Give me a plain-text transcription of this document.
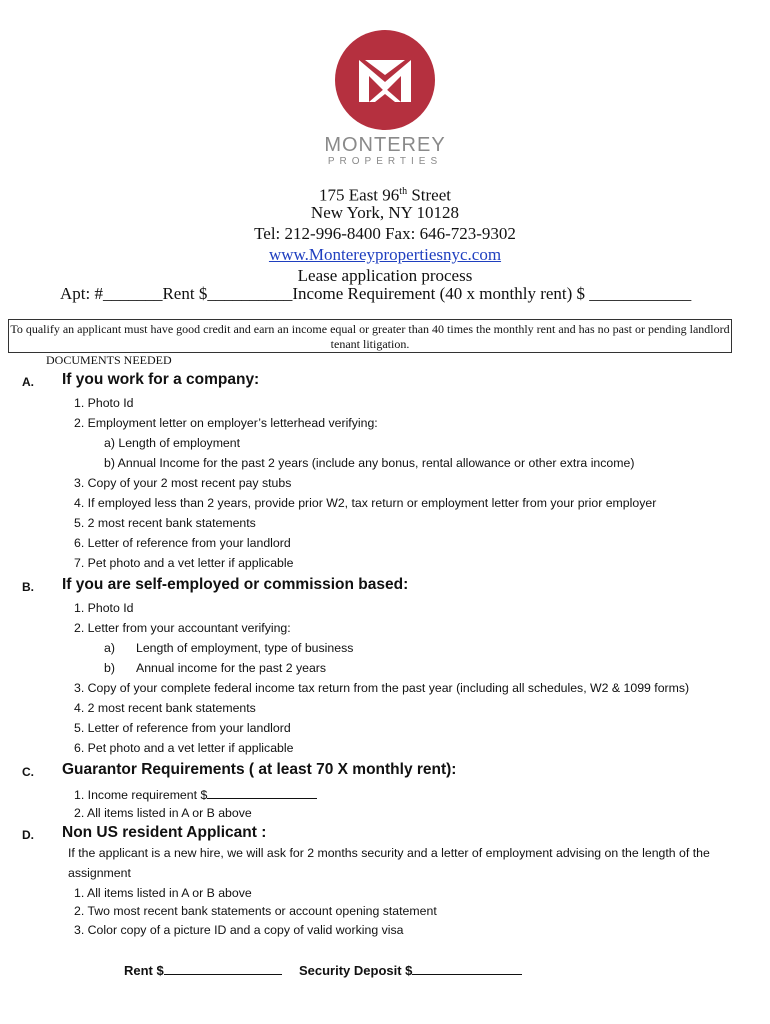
MONTEREY
PROPERTIES
175 East 96th Street
New York, NY 10128
Tel: 212-996-8400 Fax: 646-723-9302
www.Montereypropertiesnyc.com
Lease application process
Apt: #_______Rent $__________Income Requirement (40 x monthly rent) $ ____________
To qualify an applicant must have good credit and earn an income equal or greater than 40 times the monthly rent and has no past or pending landlord tenant litigation.
DOCUMENTS NEEDED
A. If you work for a company:
1. Photo Id
2. Employment letter on employer’s letterhead verifying:
a) Length of employment
b) Annual Income for the past 2 years (include any bonus, rental allowance or other extra income)
3. Copy of your 2 most recent pay stubs
4. If employed less than 2 years, provide prior W2, tax return or employment letter from your prior employer
5. 2 most recent bank statements
6. Letter of reference from your landlord
7. Pet photo and a vet letter if applicable
B. If you are self-employed or commission based:
1. Photo Id
2. Letter from your accountant verifying:
a) Length of employment, type of business
b) Annual income for the past 2 years
3. Copy of your complete federal income tax return from the past year (including all schedules, W2 & 1099 forms)
4. 2 most recent bank statements
5. Letter of reference from your landlord
6. Pet photo and a vet letter if applicable
C. Guarantor Requirements ( at least 70 X monthly rent):
1. Income requirement $
2. All items listed in A or B above
D. Non US resident Applicant :
If the applicant is a new hire, we will ask for 2 months security and a letter of employment advising on the length of the assignment
1. All items listed in A or B above
2. Two most recent bank statements or account opening statement
3. Color copy of a picture ID and a copy of valid working visa
Rent $	Security Deposit $
